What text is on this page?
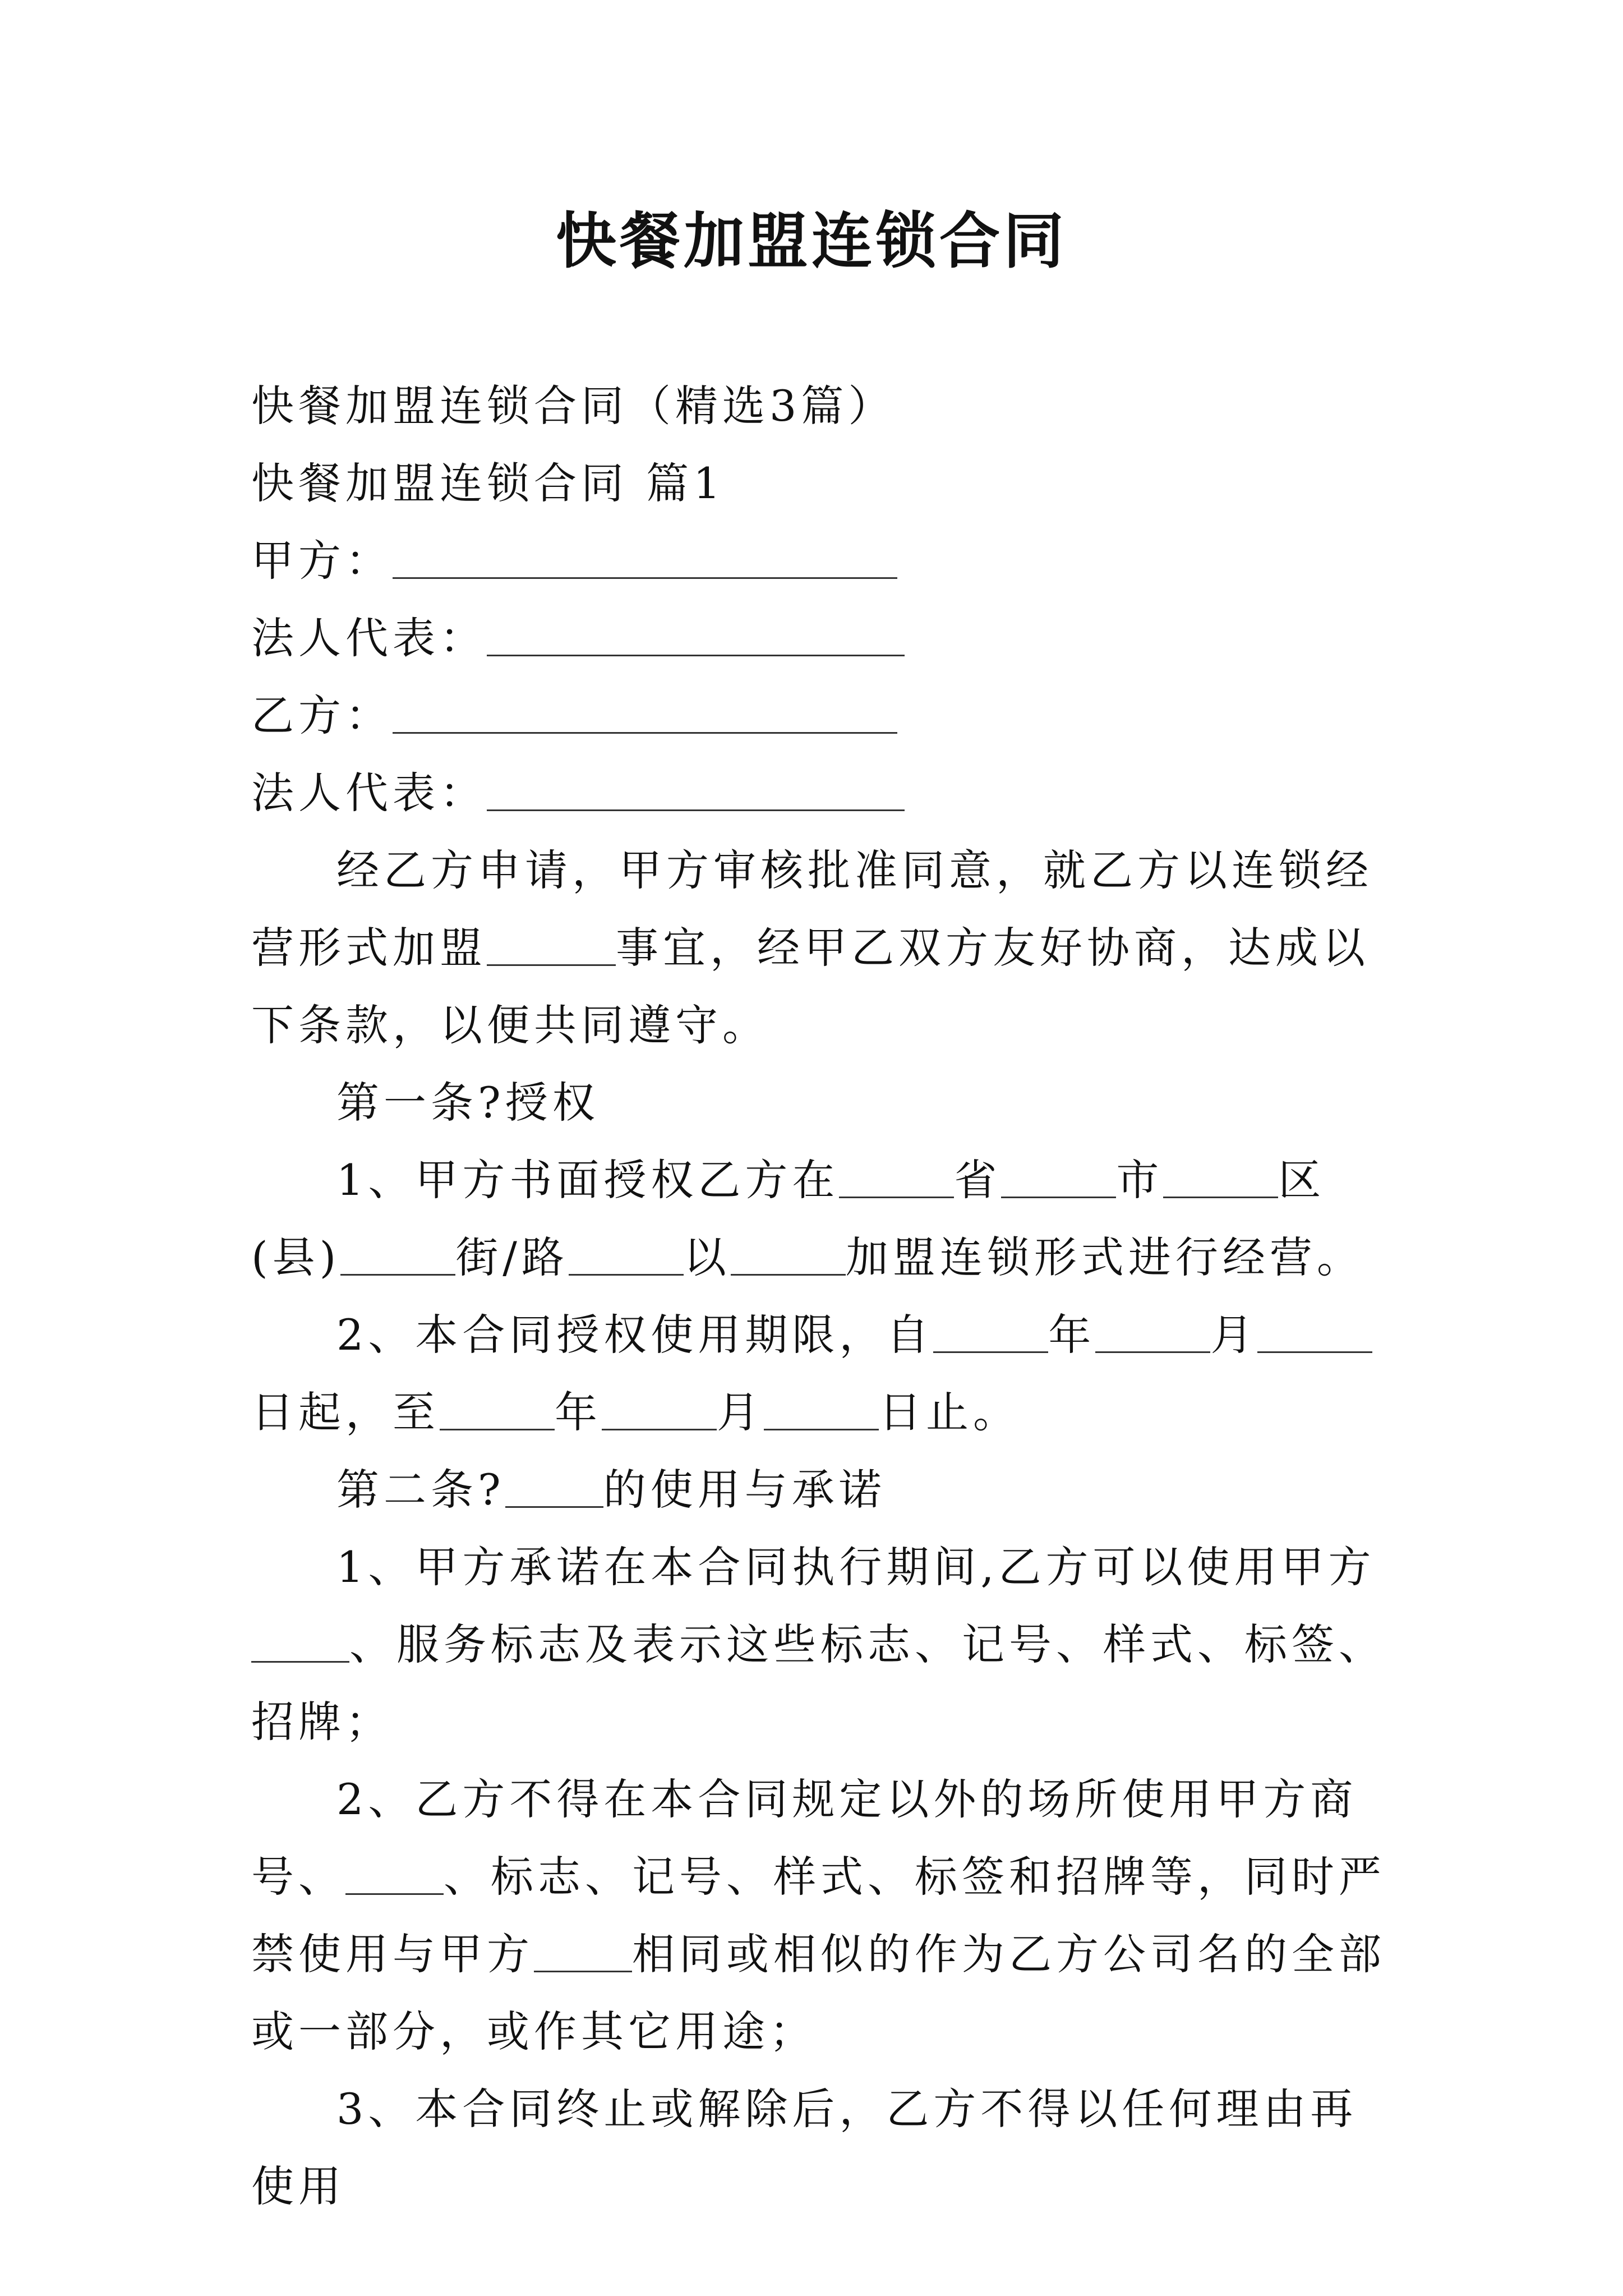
快餐加盟连锁合同

快餐加盟连锁合同（精选3篇）

快餐加盟连锁合同 篇1

甲方：

法人代表：

乙方：

法人代表：

经乙方申请，甲方审核批准同意，就乙方以连锁经营形式加盟	事宜，经甲乙双方友好协商，达成以下条款，以便共同遵守。

第一条?授权

1、甲方书面授权乙方在	省	市	区(县)	街/路	以	加盟连锁形式进行经营。

2、本合同授权使用期限，自	年	月日起，至	年	月	日止。

第二条? 的使用与承诺

1、甲方承诺在本合同执行期间,乙方可以使用甲方、服务标志及表示这些标志、记号、样式、标签、招牌；

2、乙方不得在本合同规定以外的场所使用甲方商号、 、标志、记号、样式、标签和招牌等，同时严禁使用与甲方 相同或相似的作为乙方公司名的全部或一部分，或作其它用途；

3、本合同终止或解除后，乙方不得以任何理由再使用
